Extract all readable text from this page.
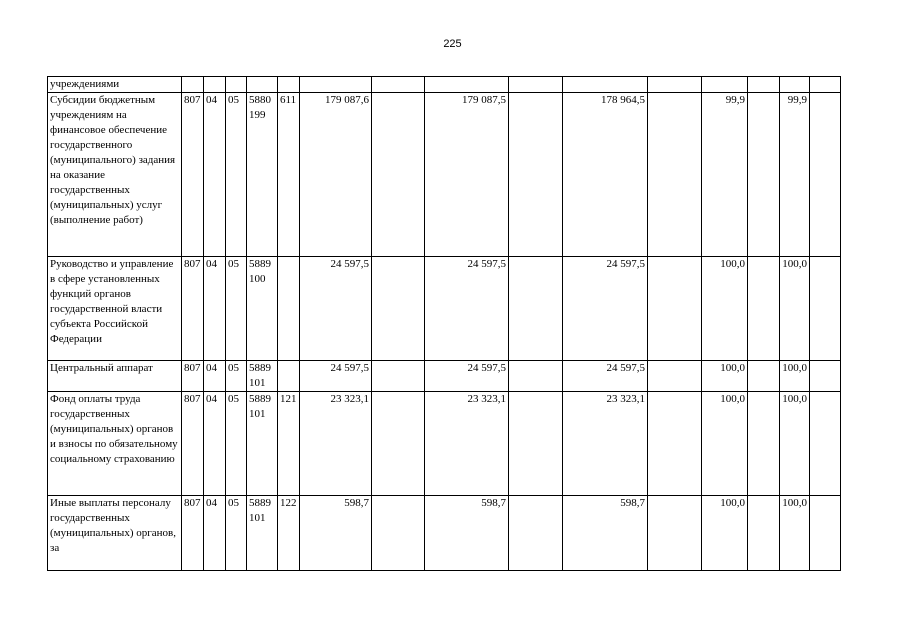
225
учреждениями															
Субсидии бюджетным учреждениям на финансовое обеспечение государственного (муниципального) задания на оказание государственных (муниципальных) услуг (выполнение работ)	807	04	05	5880 199	611	179 087,6		179 087,5		178 964,5		99,9		99,9	
Руководство и управление в сфере установленных функций органов государственной власти субъекта Российской Федерации	807	04	05	5889 100		24 597,5		24 597,5		24 597,5		100,0		100,0	
Центральный аппарат	807	04	05	5889 101		24 597,5		24 597,5		24 597,5		100,0		100,0	
Фонд оплаты труда государственных (муниципальных) органов и взносы по обязательному социальному страхованию	807	04	05	5889 101	121	23 323,1		23 323,1		23 323,1		100,0		100,0	
Иные выплаты персоналу государственных (муниципальных) органов, за	807	04	05	5889 101	122	598,7		598,7		598,7		100,0		100,0	
